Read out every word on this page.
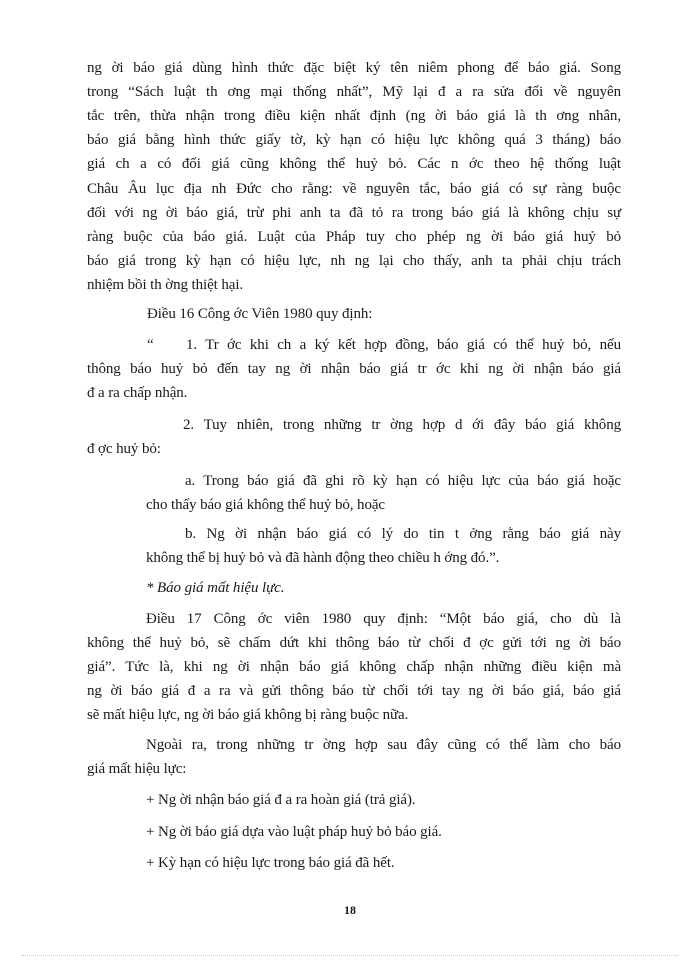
ng ời báo giá dùng hình thức đặc biệt ký tên niêm phong để báo giá. Song

trong “Sách luật th ơng mại thống nhất”, Mỹ lại đ a ra sửa đổi về nguyên

tắc trên, thừa nhận trong điều kiện nhất định (ng ời báo giá là th ơng nhân,

báo giá bằng hình thức giấy tờ, kỳ hạn có hiệu lực không quá 3 tháng) báo

giá ch a có đối giá cũng không thể huỷ bỏ. Các n ớc theo hệ thống luật

Châu Âu lục địa nh Đức cho rằng: về nguyên tắc, báo giá có sự ràng buộc

đối với ng ời báo giá, trừ phi anh ta đã tỏ ra trong báo giá là không chịu sự

ràng buộc của báo giá. Luật của Pháp tuy cho phép ng ời báo giá huỷ bỏ

báo giá trong kỳ hạn có hiệu lực, nh ng lại cho thấy, anh ta phải chịu trách

nhiệm bồi th ờng thiệt hại.

Điều 16 Công ớc Viên 1980 quy định:

“ 1. Tr ớc khi ch a ký kết hợp đồng, báo giá có thể huỷ bỏ, nếu

thông báo huỷ bỏ đến tay ng ời nhận báo giá tr ớc khi ng ời nhận báo giá

đ a ra chấp nhận.

2. Tuy nhiên, trong những tr ờng hợp d ới đây báo giá không

đ ợc huỷ bỏ:

a. Trong báo giá đã ghi rõ kỳ hạn có hiệu lực của báo giá hoặc

cho thấy báo giá không thể huỷ bỏ, hoặc

b. Ng ời nhận báo giá có lý do tin t ởng rằng báo giá này

không thể bị huỷ bỏ và đã hành động theo chiều h ớng đó.”.

* Báo giá mất hiệu lực.

Điều 17 Công ớc viên 1980 quy định: “Một báo giá, cho dù là

không thể huỷ bỏ, sẽ chấm dứt khi thông báo từ chối đ ợc gửi tới ng ời báo

giá”. Tức là, khi ng ời nhận báo giá không chấp nhận những điều kiện mà

ng ời báo giá đ a ra và gửi thông báo từ chối tới tay ng ời báo giá, báo giá

sẽ mất hiệu lực, ng ời báo giá không bị ràng buộc nữa.

Ngoài ra, trong những tr ờng hợp sau đây cũng có thể làm cho báo

giá mất hiệu lực:

+ Ng ời nhận báo giá đ a ra hoàn giá (trả giá).

+ Ng ời báo giá dựa vào luật pháp huỷ bỏ báo giá.

+ Kỳ hạn có hiệu lực trong báo giá đã hết.

18
